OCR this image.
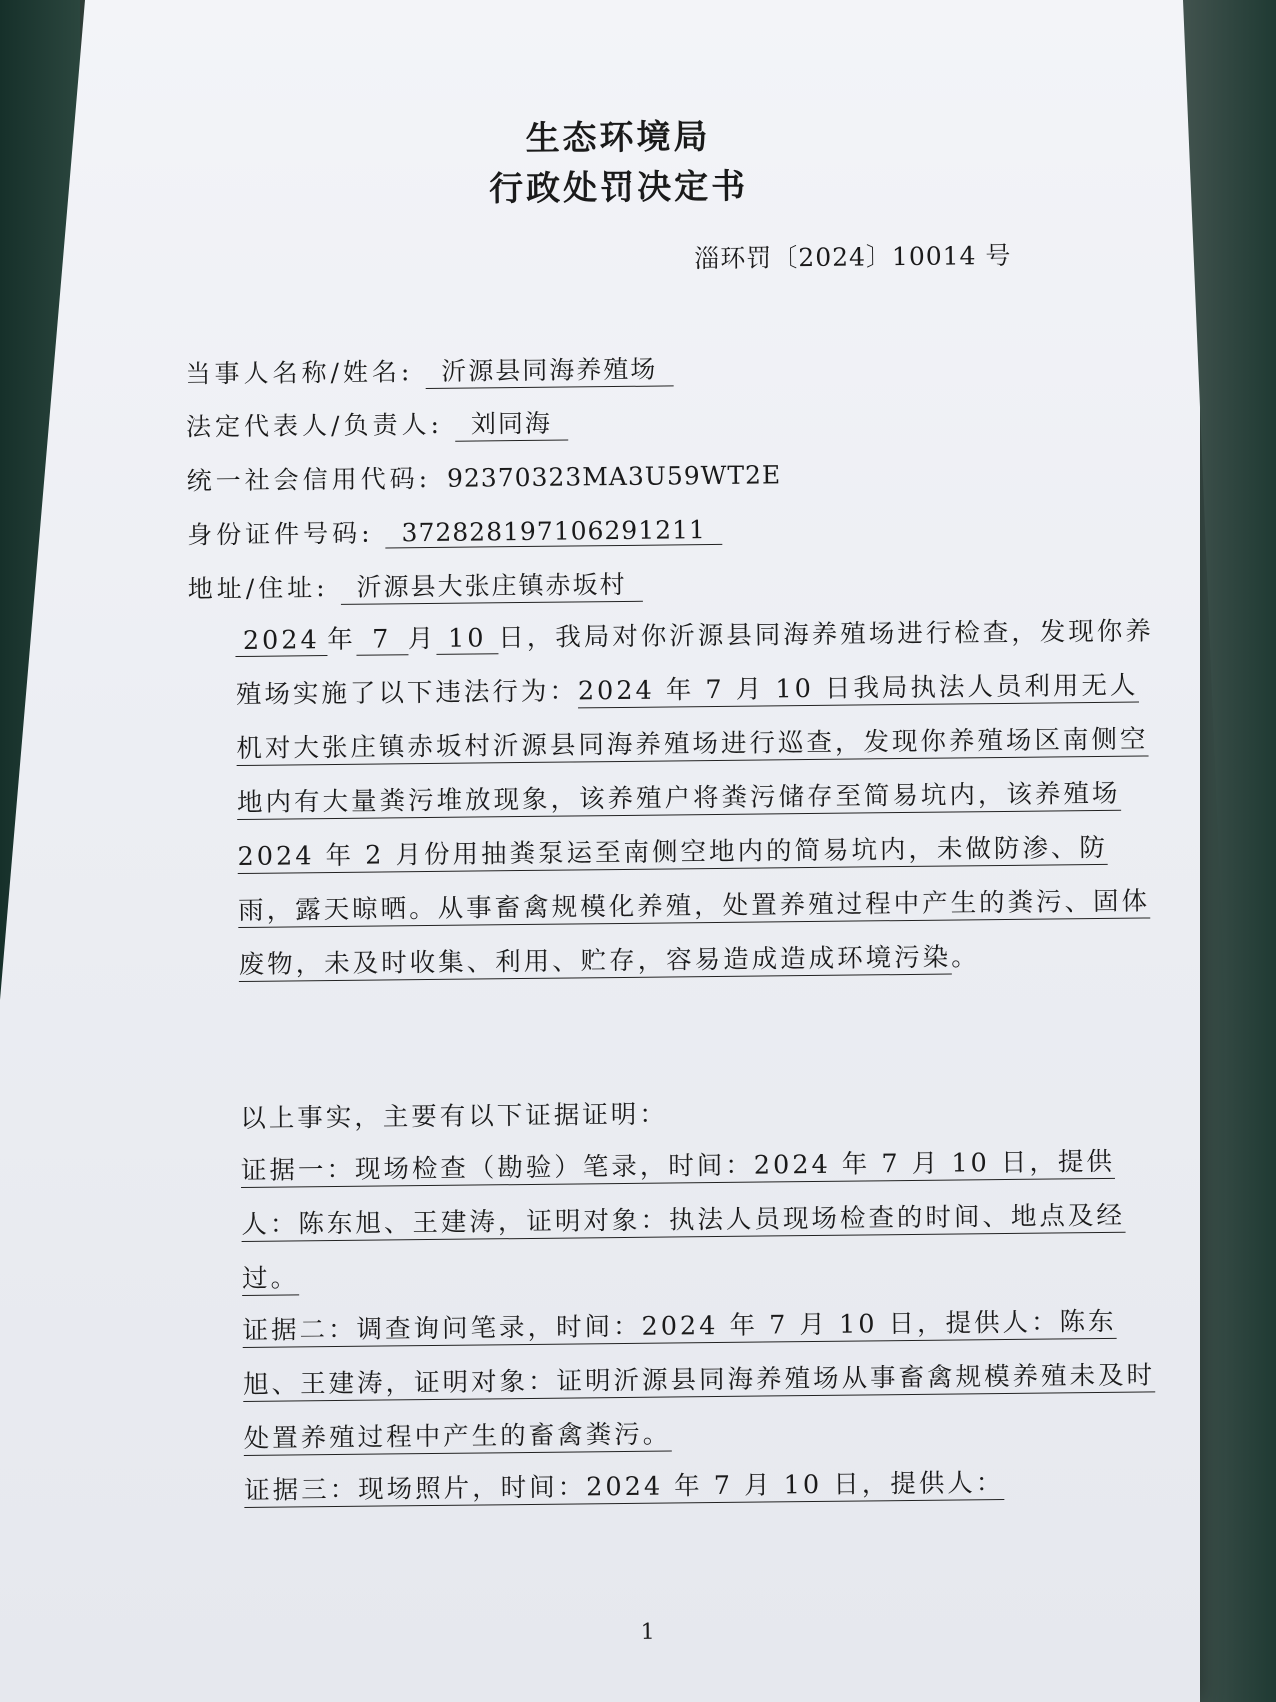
生态环境局
行政处罚决定书
淄环罚〔2024〕10014 号
当事人名称/姓名: 沂源县同海养殖场
法定代表人/负责人: 刘同海
统一社会信用代码: 92370323MA3U59WT2E
身份证件号码: 372828197106291211
地址/住址: 沂源县大张庄镇赤坂村

2024 年 7 月 10 日，我局对你沂源县同海养殖场进行检查，发现你养殖场实施了以下违法行为：2024 年 7 月 10 日我局执法人员利用无人机对大张庄镇赤坂村沂源县同海养殖场进行巡查，发现你养殖场区南侧空地内有大量粪污堆放现象，该养殖户将粪污储存至简易坑内，该养殖场 2024 年 2 月份用抽粪泵运至南侧空地内的简易坑内，未做防渗、防雨，露天晾晒。从事畜禽规模化养殖，处置养殖过程中产生的粪污、固体废物，未及时收集、利用、贮存，容易造成造成环境污染。

以上事实，主要有以下证据证明：

证据一：现场检查（勘验）笔录，时间：2024 年 7 月 10 日，提供人：陈东旭、王建涛，证明对象：执法人员现场检查的时间、地点及经过。

证据二：调查询问笔录，时间：2024 年 7 月 10 日，提供人：陈东旭、王建涛，证明对象：证明沂源县同海养殖场从事畜禽规模养殖未及时处置养殖过程中产生的畜禽粪污。

证据三：现场照片，时间：2024 年 7 月 10 日，提供人：

1
